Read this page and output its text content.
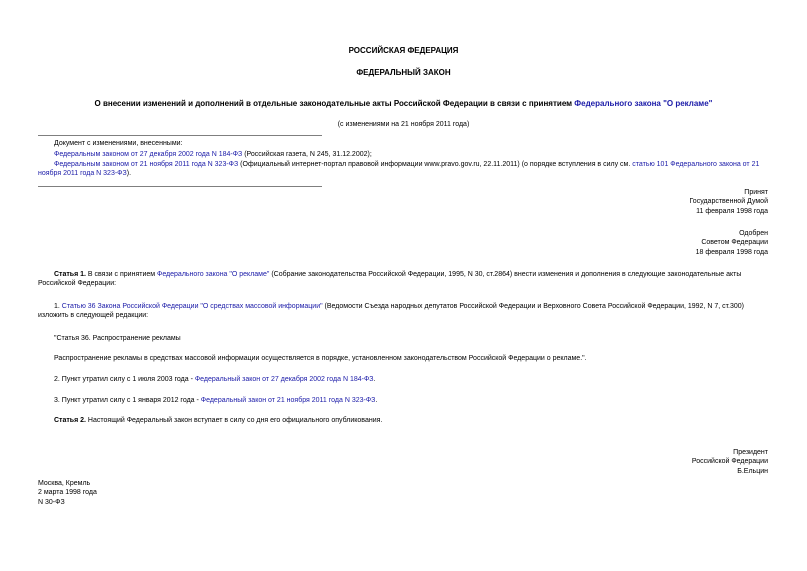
РОССИЙСКАЯ ФЕДЕРАЦИЯ
ФЕДЕРАЛЬНЫЙ ЗАКОН
О внесении изменений и дополнений в отдельные законодательные акты Российской Федерации в связи с принятием Федерального закона "О рекламе"
(с изменениями на 21 ноября 2011 года)
Документ с изменениями, внесенными:
Федеральным законом от 27 декабря 2002 года N 184-ФЗ (Российская газета, N 245, 31.12.2002);
Федеральным законом от 21 ноября 2011 года N 323-ФЗ (Официальный интернет-портал правовой информации www.pravo.gov.ru, 22.11.2011) (о порядке вступления в силу см. статью 101 Федерального закона от 21 ноября 2011 года N 323-ФЗ).
Принят
Государственной Думой
11 февраля 1998 года
Одобрен
Советом Федерации
18 февраля 1998 года
Статья 1. В связи с принятием Федерального закона "О рекламе" (Собрание законодательства Российской Федерации, 1995, N 30, ст.2864) внести изменения и дополнения в следующие законодательные акты Российской Федерации:
1. Статью 36 Закона Российской Федерации "О средствах массовой информации" (Ведомости Съезда народных депутатов Российской Федерации и Верховного Совета Российской Федерации, 1992, N 7, ст.300) изложить в следующей редакции:
"Статья 36. Распространение рекламы
Распространение рекламы в средствах массовой информации осуществляется в порядке, установленном законодательством Российской Федерации о рекламе.".
2. Пункт утратил силу с 1 июля 2003 года - Федеральный закон от 27 декабря 2002 года N 184-ФЗ.
3. Пункт утратил силу с 1 января 2012 года - Федеральный закон от 21 ноября 2011 года N 323-ФЗ.
Статья 2. Настоящий Федеральный закон вступает в силу со дня его официального опубликования.
Президент
Российской Федерации
Б.Ельцин
Москва, Кремль
2 марта 1998 года
N 30-ФЗ
